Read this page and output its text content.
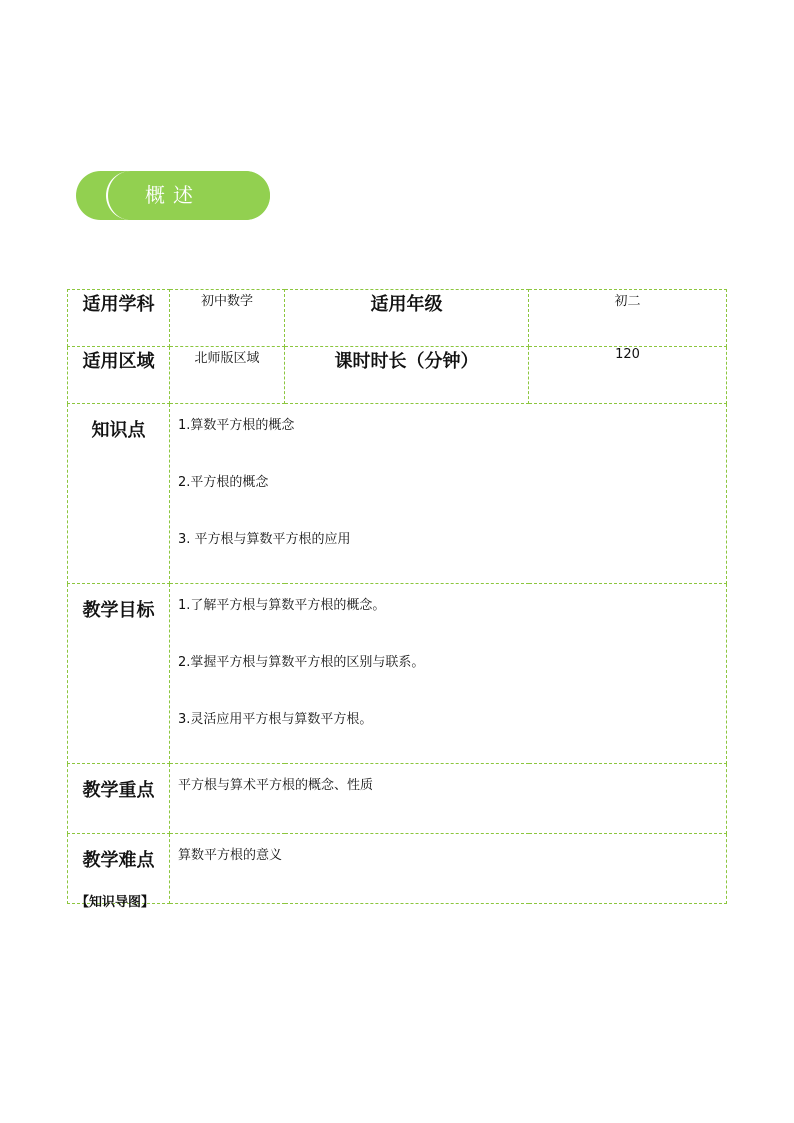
概述
适用学科	初中数学	适用年级	初二
适用区域	北师版区域	课时时长（分钟）	120
知识点	1.算数平方根的概念

2.平方根的概念

3. 平方根与算数平方根的应用		

教学目标	1.了解平方根与算数平方根的概念。

2.掌握平方根与算数平方根的区别与联系。

3.灵活应用平方根与算数平方根。		

教学重点	平方根与算术平方根的概念、性质		

教学难点	算数平方根的意义		

【知识导图】
